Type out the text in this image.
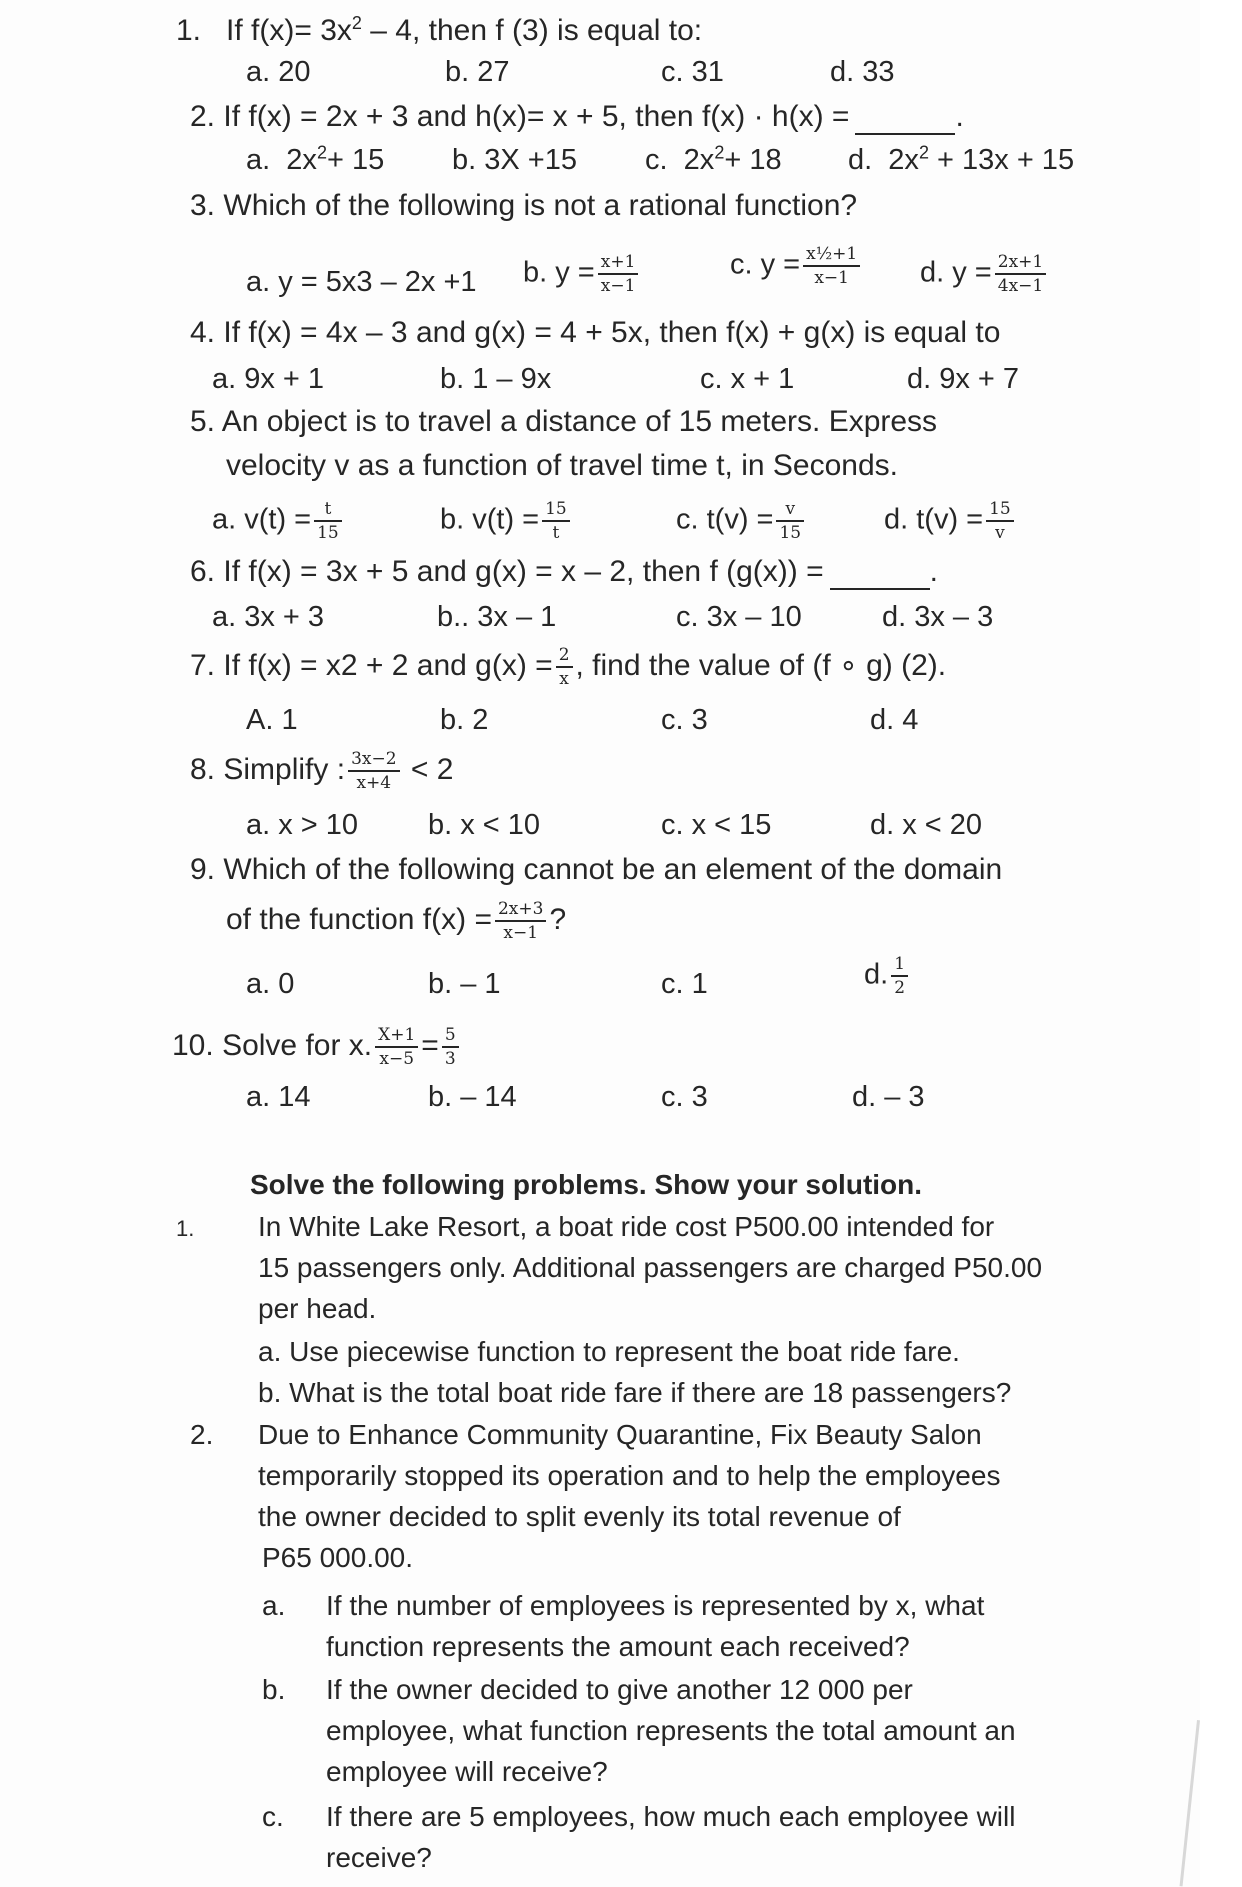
1. If $f(x)= 3x^2 - 4$, then f (3) is equal to:
a. 20	b. 27	c. 31	d. 33
2. If f(x) = 2x + 3 and h(x)= x + 5, then f(x) · h(x) =	.
a.  $2x^2+ 15$ b. 3X +15 c.  $2x^2+ 18$ d.  $2x^2 + 13x + 15$
3. Which of the following is not a rational function?
a. y = 5x3 – 2x +1 b. $y = \frac{x+1}{x-1}$	c. $y = \frac{\text{x½+1}}{x-1} d$. $y = \frac{2x+1}{4x-1}$
4. If f(x) = 4x – 3 and g(x) = 4 + 5x, then f(x) + g(x) is equal to
a. 9x + 1	b. 1 – 9x	c. x + 1	d. 9x + 7
5. An object is to travel a distance of 15 meters. Express
velocity v as a function of travel time t, in Seconds.
a. $v(t) = \frac{t}{15}$	b. $v(t) = \frac{15}{t}$	c. $t(v) = \frac{v}{15}$	d. $t(v) = \frac{15}{v}$
6. If f(x) = 3x + 5 and g(x) = x – 2, then f (g(x)) =	.
a. 3x + 3	b.. 3x – 1	c. 3x – 10	d. 3x – 3
7. If f(x) = x2 + 2 and $g(x) = \frac{2}{x}$ , find the value of (f ∘ g) (2).
A. 1	b. 2	c. 3	d. 4
8. Simplify : $\frac{3x-2}{x+4} < 2$
a. x > 10 b. x < 10	c. x < 15	d. x < 20
9. Which of the following cannot be an element of the domain
of the function $f(x) = \frac{2x+3}{x-1}$ ?
a. 0	b. – 1	c. 1	d. $\frac{1}{2}$
10. Solve for x. $\frac{X+1}{x-5} = \frac{5}{3}$
a. 14	b. – 14	c. 3	d. – 3
Solve the following problems. Show your solution.
1. In White Lake Resort, a boat ride cost P500.00 intended for
15 passengers only. Additional passengers are charged P50.00
per head.
a. Use piecewise function to represent the boat ride fare.
b. What is the total boat ride fare if there are 18 passengers?
2. Due to Enhance Community Quarantine, Fix Beauty Salon
temporarily stopped its operation and to help the employees
the owner decided to split evenly its total revenue of
P65 000.00.
a. If the number of employees is represented by x, what
function represents the amount each received?
b. If the owner decided to give another 12 000 per
employee, what function represents the total amount an
employee will receive?
c. If there are 5 employees, how much each employee will
receive?
